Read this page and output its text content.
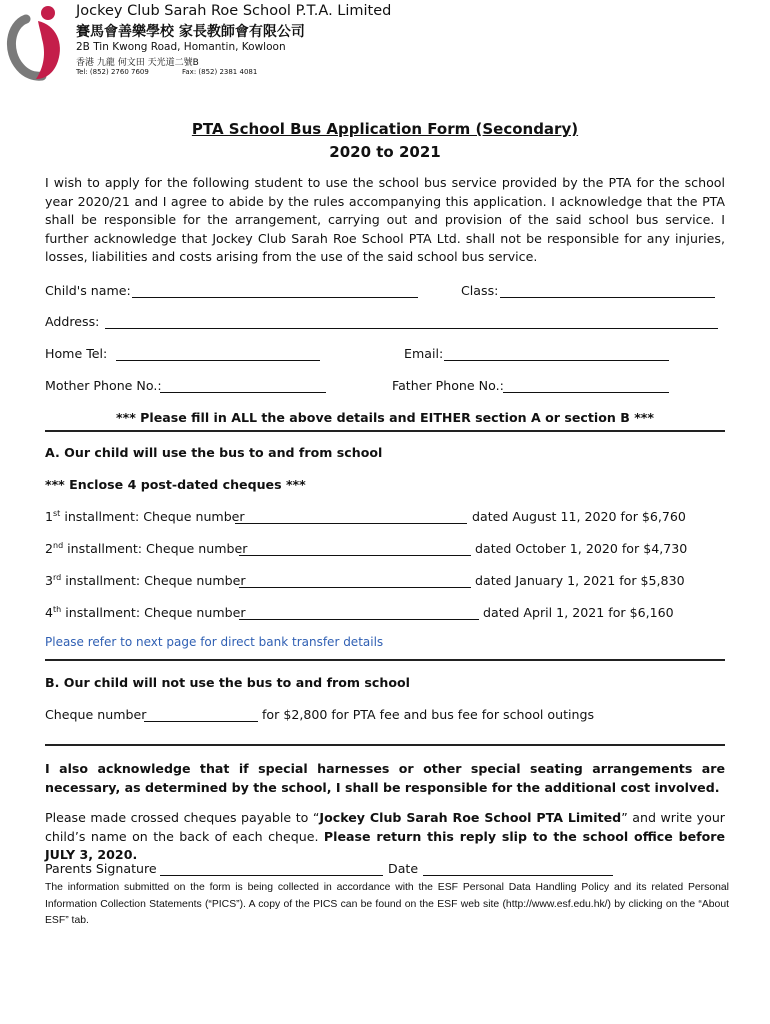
Jockey Club Sarah Roe School P.T.A. Limited
賽馬會善樂學校 家長教師會有限公司
2B Tin Kwong Road, Homantin, Kowloon
香港 九龍 何文田 天光道二號B
Tel: (852) 2760 7609	Fax: (852) 2381 4081
PTA School Bus Application Form (Secondary)
2020 to 2021
I wish to apply for the following student to use the school bus service provided by the PTA for the school year 2020/21 and I agree to abide by the rules accompanying this application. I acknowledge that the PTA shall be responsible for the arrangement, carrying out and provision of the said school bus service. I further acknowledge that Jockey Club Sarah Roe School PTA Ltd. shall not be responsible for any injuries, losses, liabilities and costs arising from the use of the said school bus service.
Child's name:	Class:
Address:
Home Tel:	Email:
Mother Phone No.:	Father Phone No.:
*** Please fill in ALL the above details and EITHER section A or section B ***
A. Our child will use the bus to and from school
*** Enclose 4 post-dated cheques ***
1st installment: Cheque number	dated August 11, 2020 for $6,760
2nd installment: Cheque number	dated October 1, 2020 for $4,730
3rd installment: Cheque number	dated January 1, 2021 for $5,830
4th installment: Cheque number	dated April 1, 2021 for $6,160
Please refer to next page for direct bank transfer details
B. Our child will not use the bus to and from school
Cheque number	for $2,800 for PTA fee and bus fee for school outings
I also acknowledge that if special harnesses or other special seating arrangements are necessary, as determined by the school, I shall be responsible for the additional cost involved.
Please made crossed cheques payable to “Jockey Club Sarah Roe School PTA Limited” and write your child’s name on the back of each cheque. Please return this reply slip to the school office before JULY 3, 2020.
Parents Signature	Date
The information submitted on the form is being collected in accordance with the ESF Personal Data Handling Policy and its related Personal Information Collection Statements (“PICS”). A copy of the PICS can be found on the ESF web site (http://www.esf.edu.hk/) by clicking on the “About ESF” tab.
